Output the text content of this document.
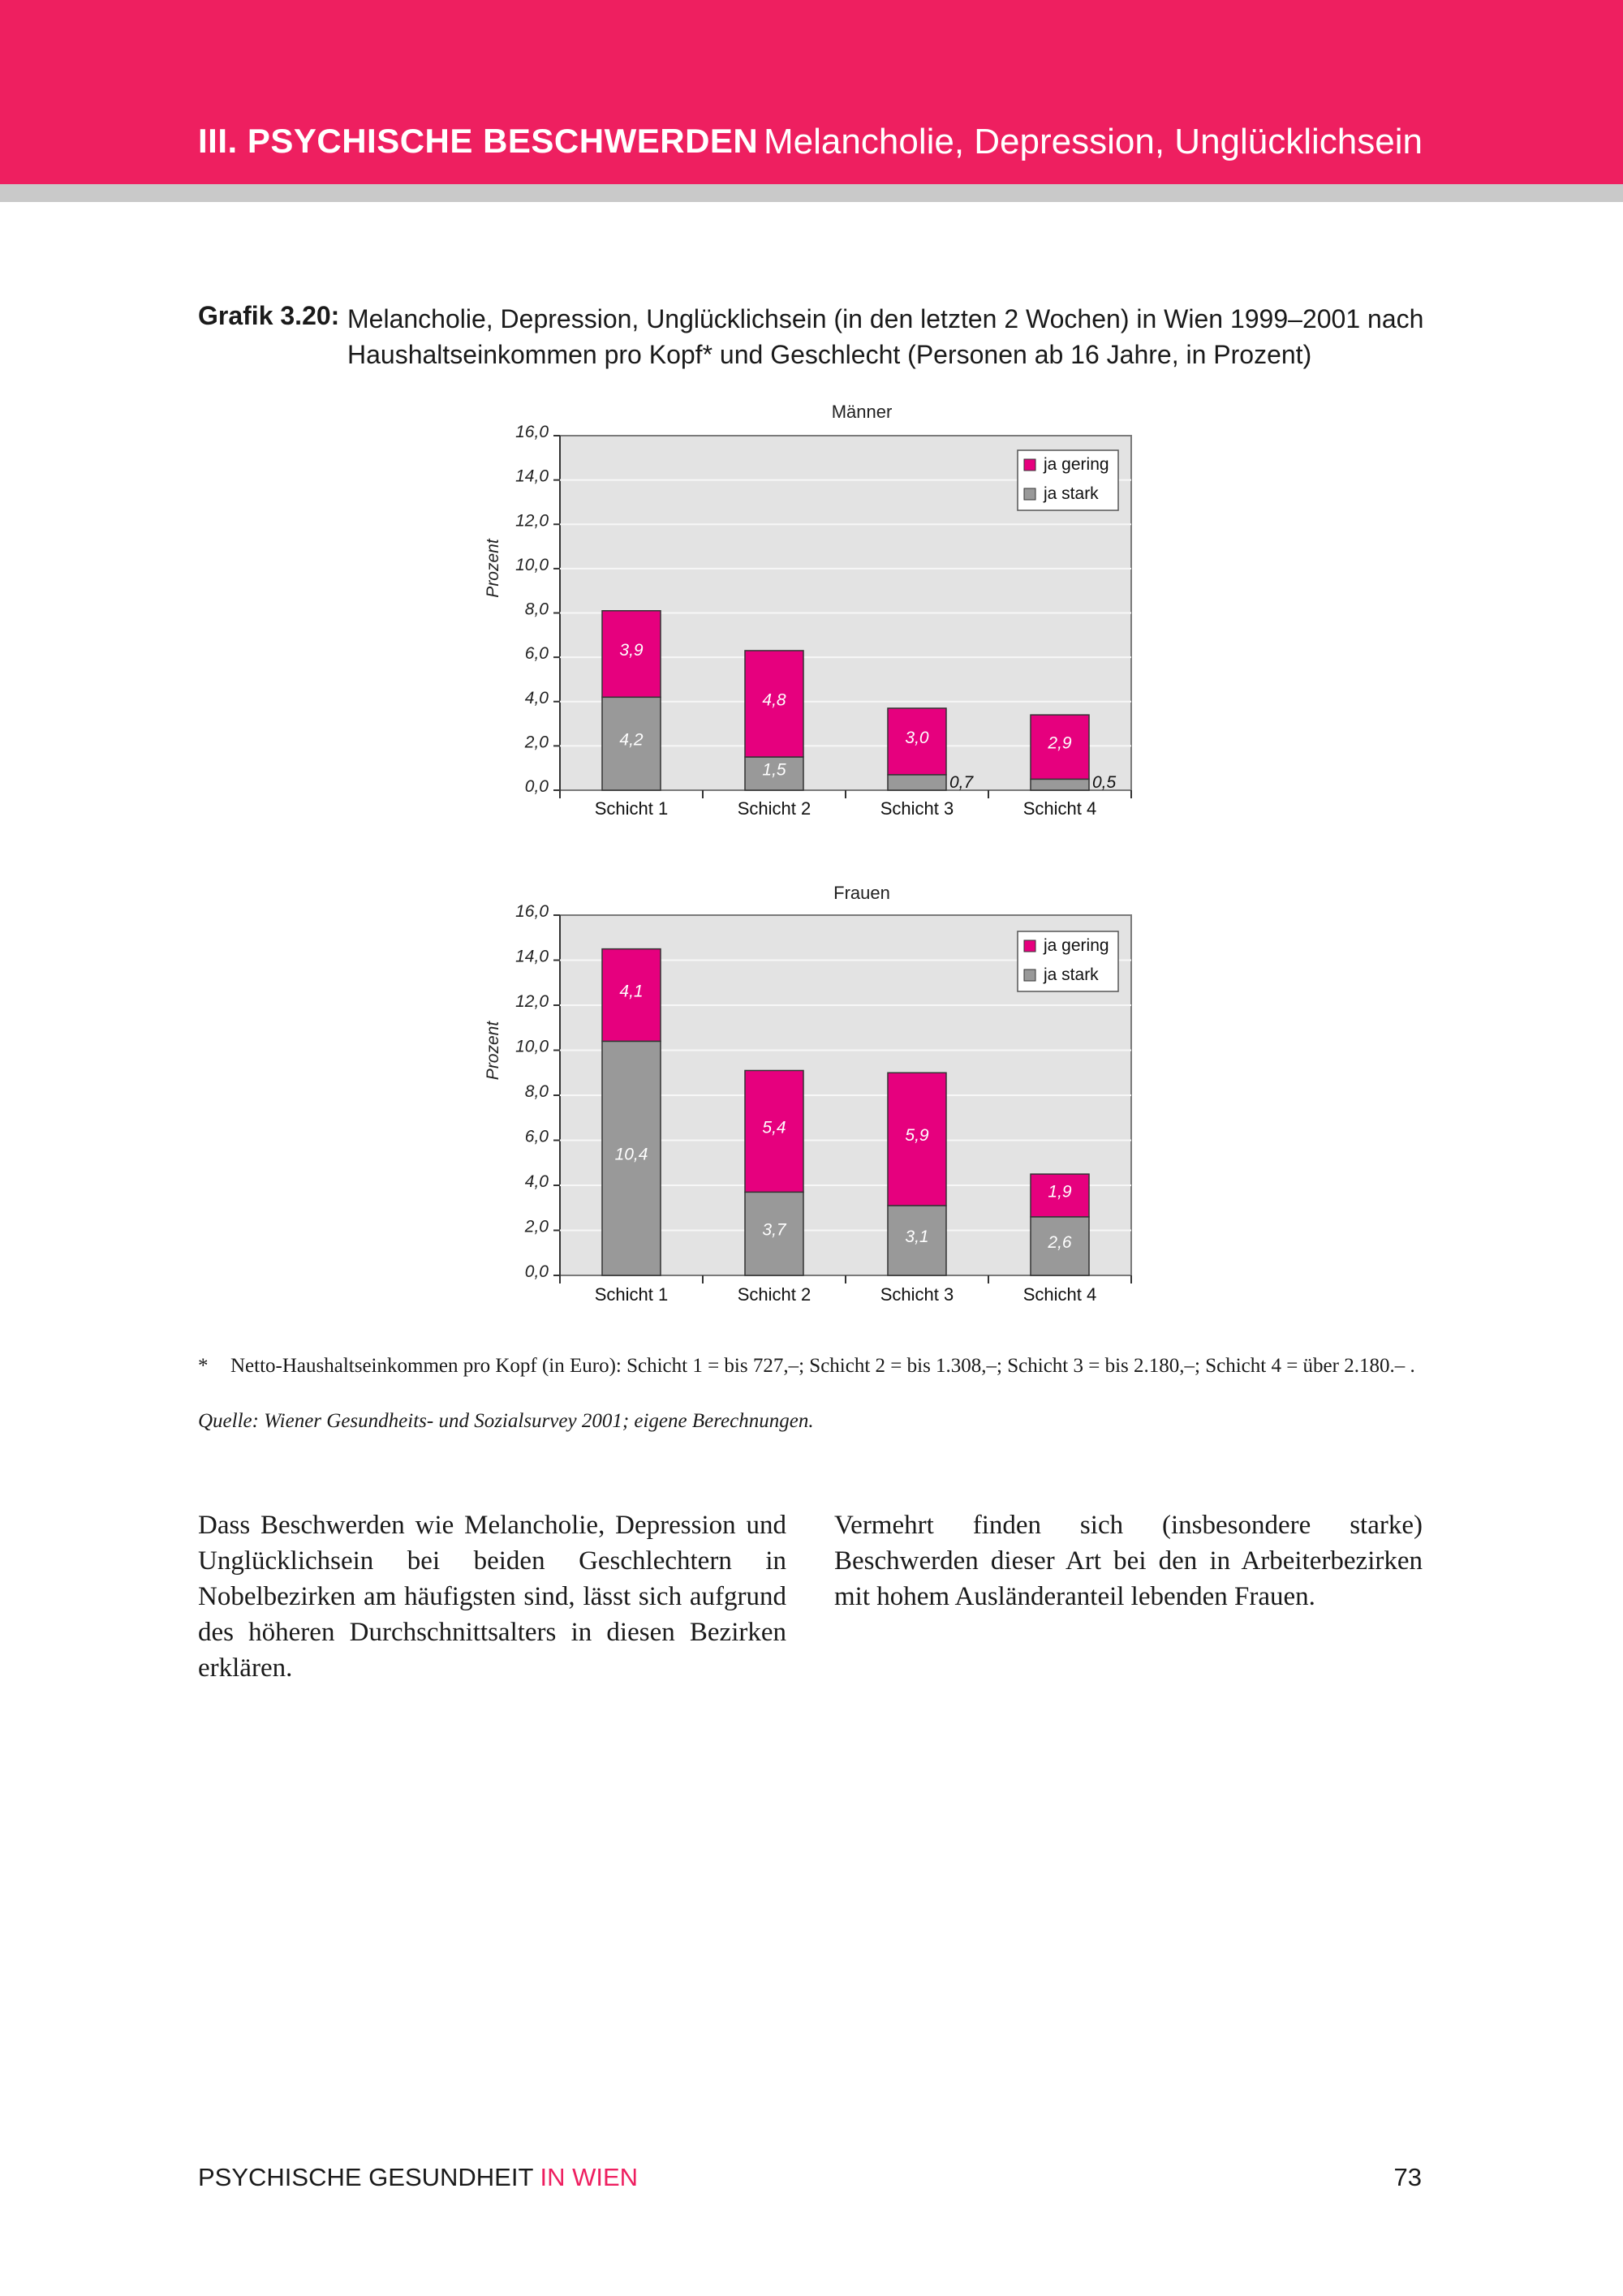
III. PSYCHISCHE BESCHWERDEN Melancholie, Depression, Unglücklichsein
Grafik 3.20: Melancholie, Depression, Unglücklichsein (in den letzten 2 Wochen) in Wien 1999–2001 nach Haushaltseinkommen pro Kopf* und Geschlecht (Personen ab 16 Jahre, in Prozent)
Männer
0,0
2,0
4,0
6,0
8,0
10,0
12,0
14,0
16,0
Prozent
Schicht 1
4,2
3,9
Schicht 2
1,5
4,8
Schicht 3
0,7
3,0
Schicht 4
0,5
2,9
ja gering
ja stark
Frauen
0,0
2,0
4,0
6,0
8,0
10,0
12,0
14,0
16,0
Prozent
Schicht 1
10,4
4,1
Schicht 2
3,7
5,4
Schicht 3
3,1
5,9
Schicht 4
2,6
1,9
ja gering
ja stark
* Netto-Haushaltseinkommen pro Kopf (in Euro): Schicht 1 = bis 727,–; Schicht 2 = bis 1.308,–; Schicht 3 = bis 2.180,–; Schicht 4 = über 2.180.– .
Quelle: Wiener Gesundheits- und Sozialsurvey 2001; eigene Berechnungen.
Dass Beschwerden wie Melancholie, Depression und Unglücklichsein bei beiden Geschlechtern in Nobelbezirken am häufigsten sind, lässt sich aufgrund des höheren Durchschnittsalters in diesen Bezirken erklären.
Vermehrt finden sich (insbesondere starke) Beschwerden dieser Art bei den in Arbeiterbezirken mit hohem Ausländeranteil lebenden Frauen.
PSYCHISCHE GESUNDHEIT IN WIEN	73
